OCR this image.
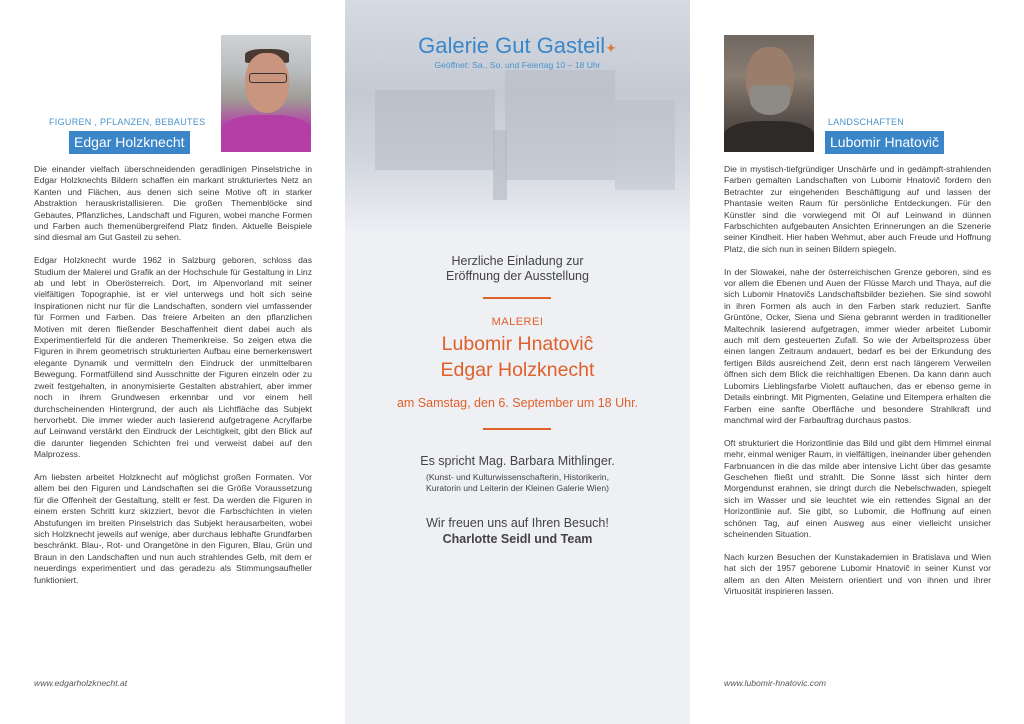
FIGUREN , PFLANZEN, BEBAUTES
Edgar Holzknecht

Die einander vielfach überschneidenden geradlinigen Pinselstriche in Edgar Holzknechts Bildern schaffen ein markant strukturiertes Netz an Kanten und Flächen, aus denen sich seine Motive oft in starker Abstraktion herauskristallisieren. Die großen Themenblöcke sind Gebautes, Pflanzliches, Landschaft und Figuren, wobei manche Formen und Farben auch themenübergreifend Platz finden. Aktuelle Beispiele sind diesmal am Gut Gasteil zu sehen.

Edgar Holzknecht wurde 1962 in Salzburg geboren, schloss das Studium der Malerei und Grafik an der Hochschule für Gestaltung in Linz ab und lebt in Oberösterreich. Dort, im Alpenvorland mit seiner vielfältigen Topographie, ist er viel unterwegs und holt sich seine Inspirationen nicht nur für die Landschaften, sondern viel umfassender für Formen und Farben. Das freiere Arbeiten an den pflanzlichen Motiven mit deren fließender Beschaffenheit dient dabei auch als Experimentierfeld für die anderen Themenkreise. So zeigen etwa die Figuren in ihrem geometrisch strukturierten Aufbau eine bemerkenswert elegante Dynamik und vermitteln den Eindruck der unmittelbaren Bewegung. Formatfüllend sind Ausschnitte der Figuren einzeln oder zu zweit festgehalten, in anonymisierte Gestalten abstrahiert, aber immer noch in ihrem Grundwesen erkennbar und vor einem hell durchscheinenden Hintergrund, der auch als Lichtfläche das Subjekt hervorhebt. Die immer wieder auch lasierend aufgetragene Acrylfarbe auf Leinwand verstärkt den Eindruck der Leichtigkeit, gibt den Blick auf die darunter liegenden Schichten frei und verweist dabei auf den Malprozess.

Am liebsten arbeitet Holzknecht auf möglichst großen Formaten. Vor allem bei den Figuren und Landschaften sei die Größe Voraussetzung für die Offenheit der Gestaltung, stellt er fest. Da werden die Figuren in einem ersten Schritt kurz skizziert, bevor die Farbschichten in vielen Abstufungen im breiten Pinselstrich das Subjekt herausarbeiten, wobei sich Holzknecht jeweils auf wenige, aber durchaus lebhafte Grundfarben beschränkt. Blau-, Rot- und Orangetöne in den Figuren, Blau, Grün und Braun in den Landschaften und nun auch strahlendes Gelb, mit dem er neuerdings experimentiert und das geradezu als Stimmungsaufheller funktioniert.

www.edgarholzknecht.at
Galerie Gut Gasteil✦
Geöffnet: Sa., So. und Feiertag 10 – 18 Uhr
Herzliche Einladung zur
Eröffnung der Ausstellung
MALEREI
Lubomir Hnatoviĉ
Edgar Holzknecht
am Samstag, den 6. September um 18 Uhr.
Es spricht Mag. Barbara Mithlinger.
(Kunst- und Kulturwissenschafterin, Historikerin,
Kuratorin und Leiterin der Kleinen Galerie Wien)
Wir freuen uns auf Ihren Besuch!
Charlotte Seidl und Team
LANDSCHAFTEN
Lubomir Hnatovič

Die in mystisch-tiefgründiger Unschärfe und in gedämpft-strahlenden Farben gemalten Landschaften von Lubomir Hnatovič fordern den Betrachter zur eingehenden Beschäftigung auf und lassen der Phantasie weiten Raum für persönliche Entdeckungen. Für den Künstler sind die vorwiegend mit Öl auf Leinwand in dünnen Farbschichten aufgebauten Ansichten Erinnerungen an die Szenerie seiner Kindheit. Hier haben Wehmut, aber auch Freude und Hoffnung Platz, die sich nun in seinen Bildern spiegeln.

In der Slowakei, nahe der österreichischen Grenze geboren, sind es vor allem die Ebenen und Auen der Flüsse March und Thaya, auf die sich Lubomir Hnatovičs Landschaftsbilder beziehen. Sie sind sowohl in ihren Formen als auch in den Farben stark reduziert. Sanfte Grüntöne, Ocker, Siena und Siena gebrannt werden in traditioneller Maltechnik lasierend aufgetragen, immer wieder arbeitet Lubomir auch mit dem gesteuerten Zufall. So wie der Arbeitsprozess über einen langen Zeitraum andauert, bedarf es bei der Erkundung des fertigen Bilds ausreichend Zeit, denn erst nach längerem Verweilen öffnen sich dem Blick die reichhaltigen Ebenen. Da kann dann auch Lubomirs Lieblingsfarbe Violett auftauchen, das er ebenso gerne in Details einbringt. Mit Pigmenten, Gelatine und Eitempera erhalten die Farben eine sanfte Oberfläche und besondere Strahlkraft und manchmal wird der Farbauftrag durchaus pastos.

Oft strukturiert die Horizontlinie das Bild und gibt dem Himmel einmal mehr, einmal weniger Raum, in vielfältigen, ineinander über gehenden Farbnuancen in die das milde aber intensive Licht über das gesamte Geschehen fließt und strahlt. Die Sonne lässt sich hinter dem Morgendunst erahnen, sie dringt durch die Nebelschwaden, spiegelt sich im Wasser und sie leuchtet wie ein rettendes Signal an der Horizontlinie auf. Sie gibt, so Lubomir, die Hoffnung auf einen schönen Tag, auf einen Ausweg aus einer vielleicht unsicher scheinenden Situation.

Nach kurzen Besuchen der Kunstakademien in Bratislava und Wien hat sich der 1957 geborene Lubomir Hnatovič in seiner Kunst vor allem an den Alten Meistern orientiert und von ihnen und ihrer Virtuosität inspirieren lassen.

www.lubomir-hnatovic.com
